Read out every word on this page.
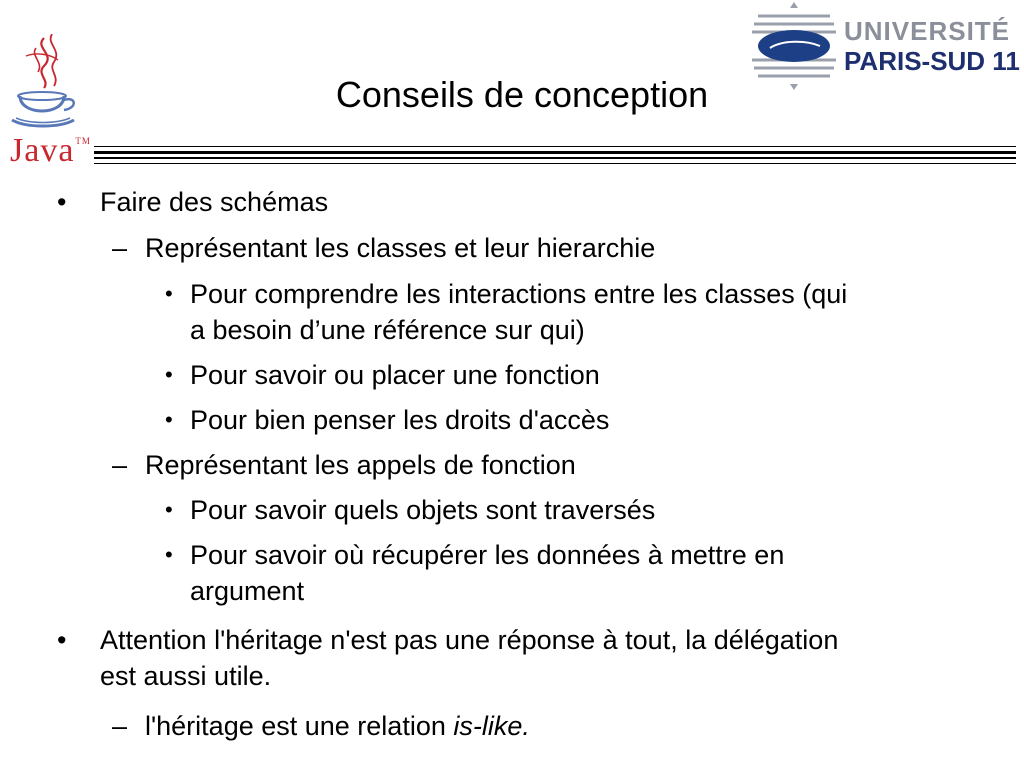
Java™
UNIVERSITÉ
PARIS-SUD 11
Conseils de conception
• Faire des schémas
– Représentant les classes et leur hierarchie
• Pour comprendre les interactions entre les classes (qui
a besoin d’une référence sur qui)
• Pour savoir ou placer une fonction
• Pour bien penser les droits d'accès
– Représentant les appels de fonction
• Pour savoir quels objets sont traversés
• Pour savoir où récupérer les données à mettre en
argument
• Attention l'héritage n'est pas une réponse à tout, la délégation
est aussi utile.
– l'héritage est une relation is-like.
